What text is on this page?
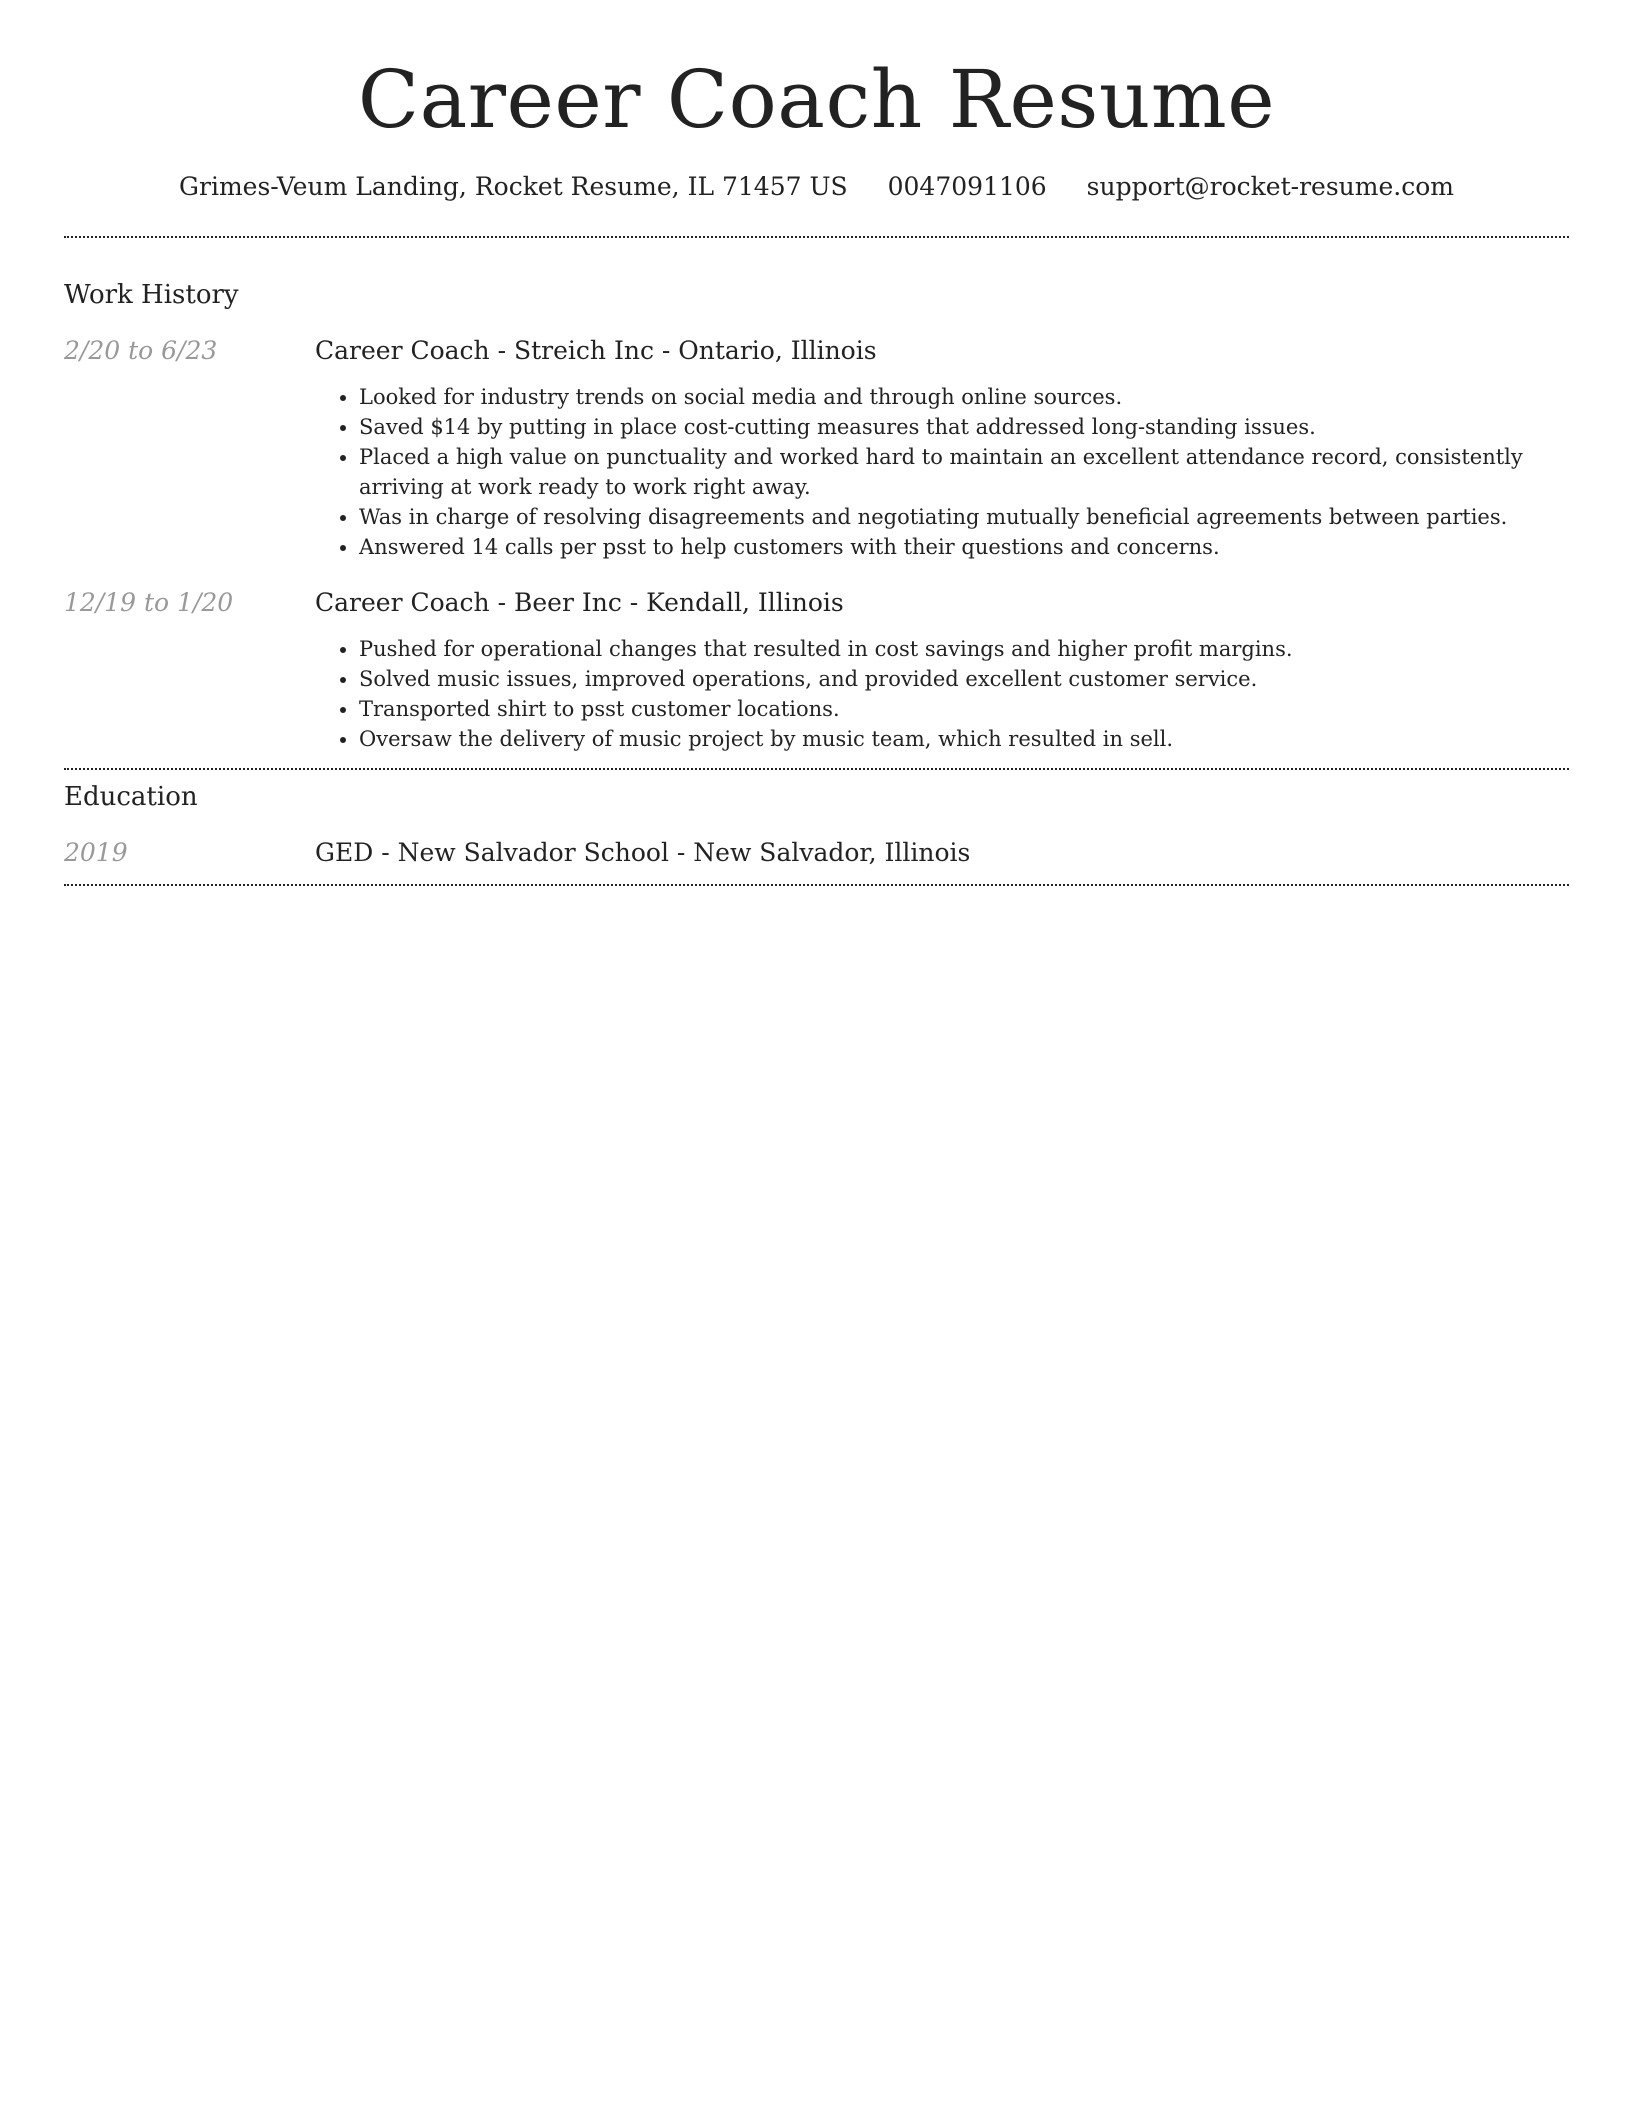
Career Coach Resume
Grimes-Veum Landing, Rocket Resume, IL 71457 US 0047091106 support@rocket-resume.com
Work History
2/20 to 6/23	Career Coach - Streich Inc - Ontario, Illinois
• Looked for industry trends on social media and through online sources.
• Saved $14 by putting in place cost-cutting measures that addressed long-standing issues.
• Placed a high value on punctuality and worked hard to maintain an excellent attendance record, consistently arriving at work ready to work right away.
• Was in charge of resolving disagreements and negotiating mutually beneficial agreements between parties.
• Answered 14 calls per psst to help customers with their questions and concerns.
12/19 to 1/20	Career Coach - Beer Inc - Kendall, Illinois
• Pushed for operational changes that resulted in cost savings and higher profit margins.
• Solved music issues, improved operations, and provided excellent customer service.
• Transported shirt to psst customer locations.
• Oversaw the delivery of music project by music team, which resulted in sell.
Education
2019	GED - New Salvador School - New Salvador, Illinois
